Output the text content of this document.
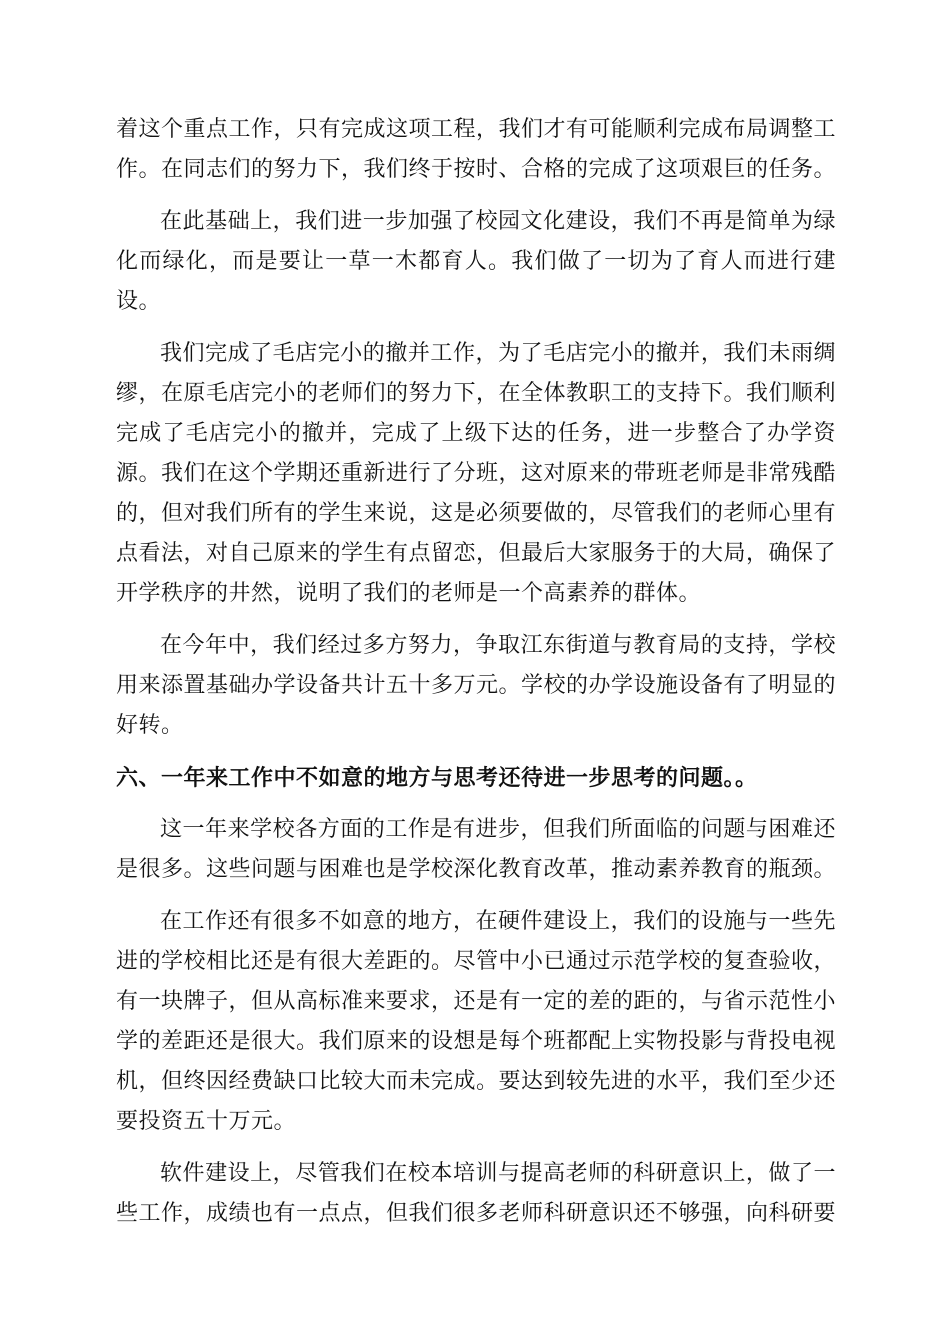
着这个重点工作，只有完成这项工程，我们才有可能顺利完成布局调整工作。在同志们的努力下，我们终于按时、合格的完成了这项艰巨的任务。

在此基础上，我们进一步加强了校园文化建设，我们不再是简单为绿化而绿化，而是要让一草一木都育人。我们做了一切为了育人而进行建设。

我们完成了毛店完小的撤并工作，为了毛店完小的撤并，我们未雨绸缪，在原毛店完小的老师们的努力下，在全体教职工的支持下。我们顺利完成了毛店完小的撤并，完成了上级下达的任务，进一步整合了办学资源。我们在这个学期还重新进行了分班，这对原来的带班老师是非常残酷的，但对我们所有的学生来说，这是必须要做的，尽管我们的老师心里有点看法，对自己原来的学生有点留恋，但最后大家服务于的大局，确保了开学秩序的井然，说明了我们的老师是一个高素养的群体。

在今年中，我们经过多方努力，争取江东街道与教育局的支持，学校用来添置基础办学设备共计五十多万元。学校的办学设施设备有了明显的好转。

六、一年来工作中不如意的地方与思考还待进一步思考的问题。。

这一年来学校各方面的工作是有进步，但我们所面临的问题与困难还是很多。这些问题与困难也是学校深化教育改革，推动素养教育的瓶颈。

在工作还有很多不如意的地方，在硬件建设上，我们的设施与一些先进的学校相比还是有很大差距的。尽管中小已通过示范学校的复查验收，有一块牌子，但从高标准来要求，还是有一定的差的距的，与省示范性小学的差距还是很大。我们原来的设想是每个班都配上实物投影与背投电视机，但终因经费缺口比较大而未完成。要达到较先进的水平，我们至少还要投资五十万元。

软件建设上，尽管我们在校本培训与提高老师的科研意识上，做了一些工作，成绩也有一点点，但我们很多老师科研意识还不够强，向科研要
